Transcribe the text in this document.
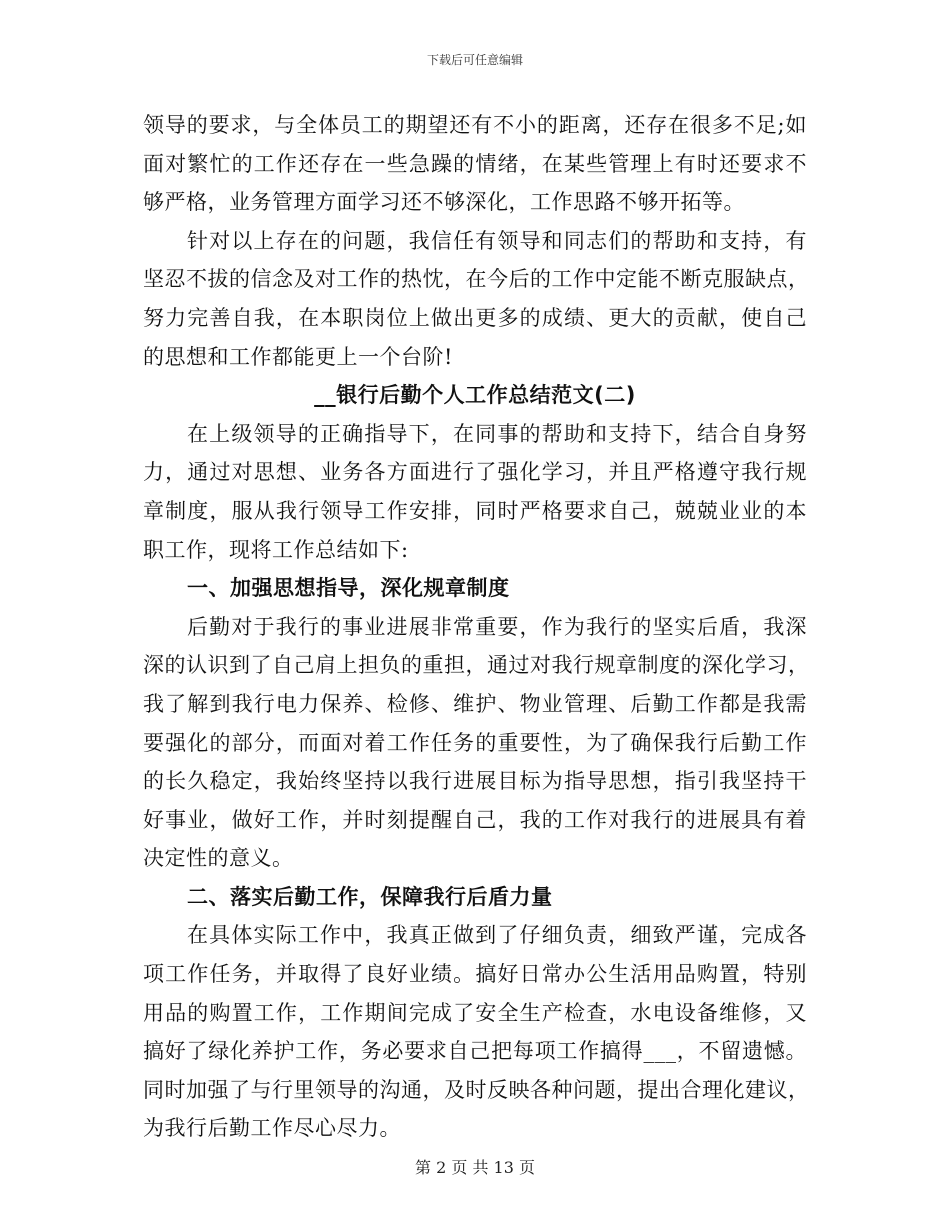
下载后可任意编辑
领导的要求，与全体员工的期望还有不小的距离，还存在很多不足;如
面对繁忙的工作还存在一些急躁的情绪，在某些管理上有时还要求不
够严格，业务管理方面学习还不够深化，工作思路不够开拓等。
针对以上存在的问题，我信任有领导和同志们的帮助和支持，有
坚忍不拔的信念及对工作的热忱，在今后的工作中定能不断克服缺点，
努力完善自我，在本职岗位上做出更多的成绩、更大的贡献，使自己
的思想和工作都能更上一个台阶!
__银行后勤个人工作总结范文(二)
在上级领导的正确指导下，在同事的帮助和支持下，结合自身努
力，通过对思想、业务各方面进行了强化学习，并且严格遵守我行规
章制度，服从我行领导工作安排，同时严格要求自己，兢兢业业的本
职工作，现将工作总结如下:
一、加强思想指导，深化规章制度
后勤对于我行的事业进展非常重要，作为我行的坚实后盾，我深
深的认识到了自己肩上担负的重担，通过对我行规章制度的深化学习，
我了解到我行电力保养、检修、维护、物业管理、后勤工作都是我需
要强化的部分，而面对着工作任务的重要性，为了确保我行后勤工作
的长久稳定，我始终坚持以我行进展目标为指导思想，指引我坚持干
好事业，做好工作，并时刻提醒自己，我的工作对我行的进展具有着
决定性的意义。
二、落实后勤工作，保障我行后盾力量
在具体实际工作中，我真正做到了仔细负责，细致严谨，完成各
项工作任务，并取得了良好业绩。搞好日常办公生活用品购置，特别
用品的购置工作，工作期间完成了安全生产检查，水电设备维修，又
搞好了绿化养护工作，务必要求自己把每项工作搞得___，不留遗憾。
同时加强了与行里领导的沟通，及时反映各种问题，提出合理化建议，
为我行后勤工作尽心尽力。
第 2 页 共 13 页
